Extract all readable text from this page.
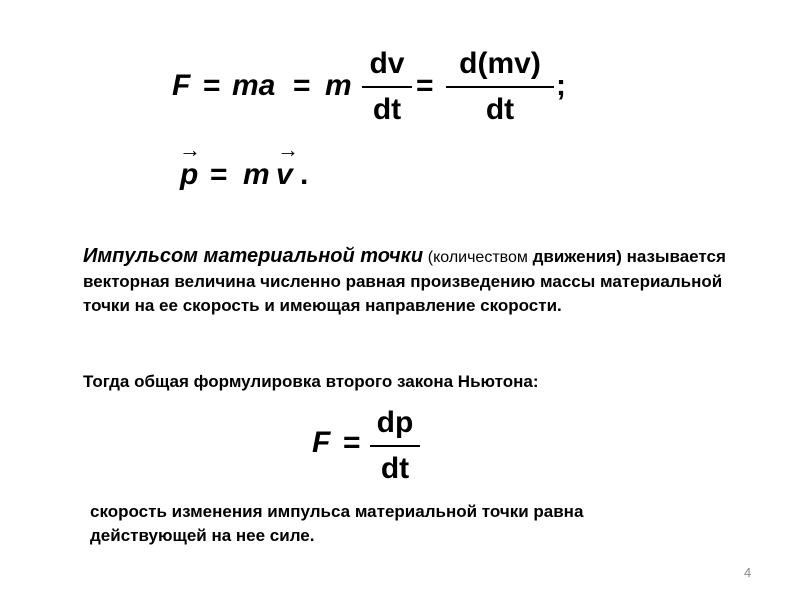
F = ma = m
dv
dt
=
d(mv)
dt
;
→
p = m
→
v .
Импульсом материальной точки (количеством движения) называется векторная величина численно равная произведению массы материальной точки на ее скорость и имеющая направление скорости.
Тогда общая формулировка второго закона Ньютона:
F =
dp
dt
скорость изменения импульса материальной точки равна действующей на нее силе.
4
